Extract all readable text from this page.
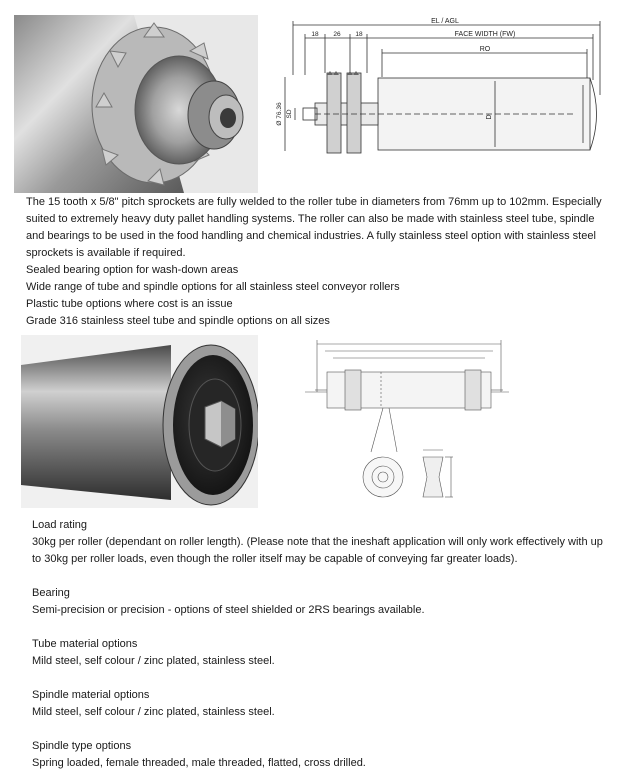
EL / AGL
FACE WIDTH (FW)
RO
18 26 18
Ø 76.36 SD	D
The 15 tooth x 5/8" pitch sprockets are fully welded to the roller tube in diameters from 76mm up to 102mm. Especially
suited to extremely heavy duty pallet handling systems. The roller can also be made with stainless steel tube, spindle
and bearings to be used in the food handling and chemical industries. A fully stainless steel option with stainless steel
sprockets is available if required.
Sealed bearing option for wash-down areas
Wide range of tube and spindle options for all stainless steel conveyor rollers
Plastic tube options where cost is an issue
Grade 316 stainless steel tube and spindle options on all sizes
Load rating
30kg per roller (dependant on roller length). (Please note that the ineshaft application will only work effectively with up
to 30kg per roller loads, even though the roller itself may be capable of conveying far greater loads).
Bearing
Semi-precision or precision - options of steel shielded or 2RS bearings available.
Tube material options
Mild steel, self colour / zinc plated, stainless steel.
Spindle material options
Mild steel, self colour / zinc plated, stainless steel.
Spindle type options
Spring loaded, female threaded, male threaded, flatted, cross drilled.
